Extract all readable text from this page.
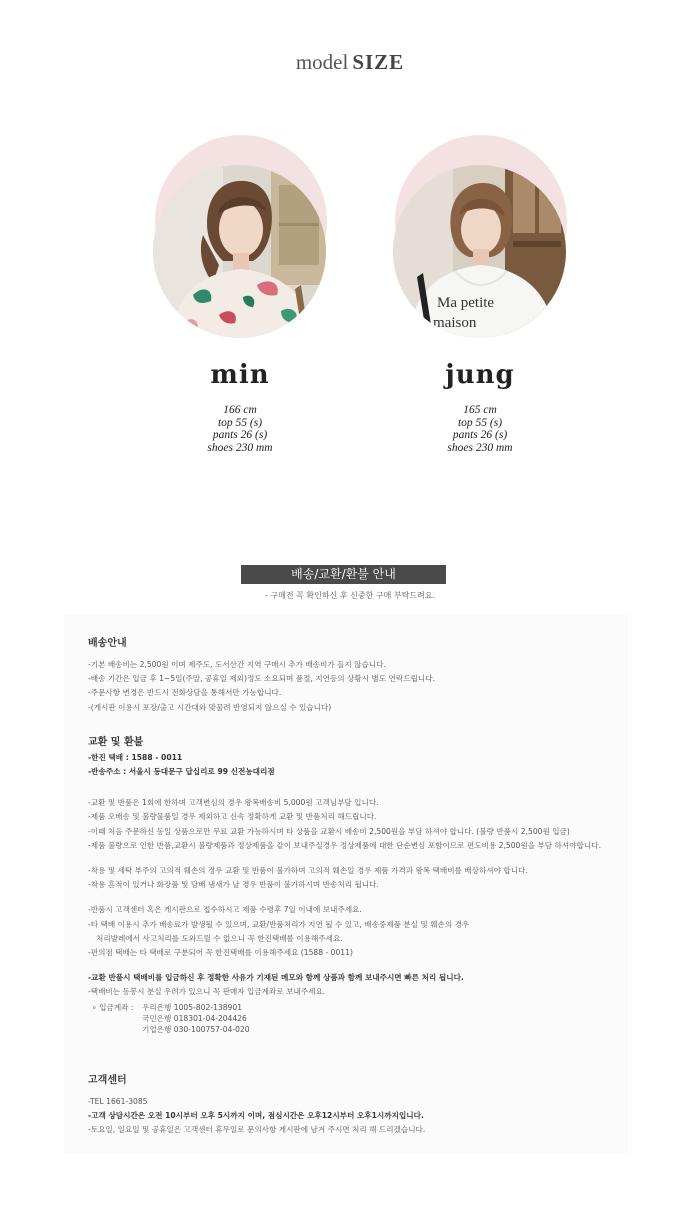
model SIZE
min
166 cm
top 55 (s)
pants 26 (s)
shoes 230 mm
Ma petite
maison
jung
165 cm
top 55 (s)
pants 26 (s)
shoes 230 mm
배송/교환/환불 안내
- 구매전 꼭 확인하신 후 신중한 구매 부탁드려요.
배송안내
-기본 배송비는 2,500원 이며 제주도, 도서산간 지역 구매시 추가 배송비가 들지 않습니다.
-배송 기간은 입금 후 1~5일(주말, 공휴일 제외)정도 소요되며 품절, 지연등의 상황시 별도 연락드립니다.
-주문사항 변경은 반드시 전화상담을 통해서만 가능합니다.
-(게시판 이용시 포장/출고 시간대와 맞물려 반영되지 않으실 수 있습니다)
교환 및 환불
-한진 택배 : 1588 - 0011
-반송주소 : 서울시 동대문구 답십리로 99 신전농대리점
-교환 및 반품은 1회에 한하며 고객변심의 경우 왕복배송비 5,000원 고객님부담 입니다.
-제품 오배송 및 불량물품일 경우 제외하고 신속 정확하게 교환 및 반품처리 해드립니다.
-이때 처음 주문하신 동일 상품으로만 무료 교환 가능하시며 타 상품을 교환시 배송비 2,500원을 부담 하셔야 합니다. (불량 반품시 2,500원 입금)
-제품 불량으로 인한 반품,교환시 불량제품과 정상제품을 같이 보내주실경우 정상제품에 대한 단순변심 포함이므로 편도비용 2,500원을 부담 하셔야합니다.
-착용 및 세탁 부주의 고의적 훼손의 경우 교환 및 반품이 불가하며 고의적 훼손일 경우 제품 가격과 왕복 택배비를 배상하셔야 합니다.
-착용 흔적이 있거나 화장품 및 담배 냄새가 날 경우 반품이 불가하시며 반송처리 됩니다.
-반품시 고객센터 혹은 게시판으로 접수하시고 제품 수령후 7일 이내에 보내주세요.
-타 택배 이용시 추가 배송료가 발생될 수 있으며, 교환/반품처리가 지연 될 수 있고, 배송중제품 분실 및 훼손의 경우
처리발레에서 사고처리를 도와드릴 수 없으니 꼭 한진택배를 이용해주세요.
-편의점 택배는 타 택배로 구분되어 꼭 한진택배를 이용해주세요 (1588 - 0011)
-교환 반품시 택배비를 입금하신 후 정확한 사유가 기재된 메모와 함께 상품과 함께 보내주시면 빠른 처리 됩니다.
-택배비는 동봉시 분실 우려가 있으니 꼭 판매자 입금계좌로 보내주세요.
∘ 입금계좌 :	우리은행 1005-802-138901
국민은행 018301-04-204426
기업은행 030-100757-04-020
고객센터
-TEL 1661-3085
-고객 상담시간은 오전 10시부터 오후 5시까지 이며, 점심시간은 오후12시부터 오후1시까지입니다.
-토요일, 일요일 및 공휴일은 고객센터 휴무일로 문의사항 게시판에 남겨 주시면 처리 해 드리겠습니다.
